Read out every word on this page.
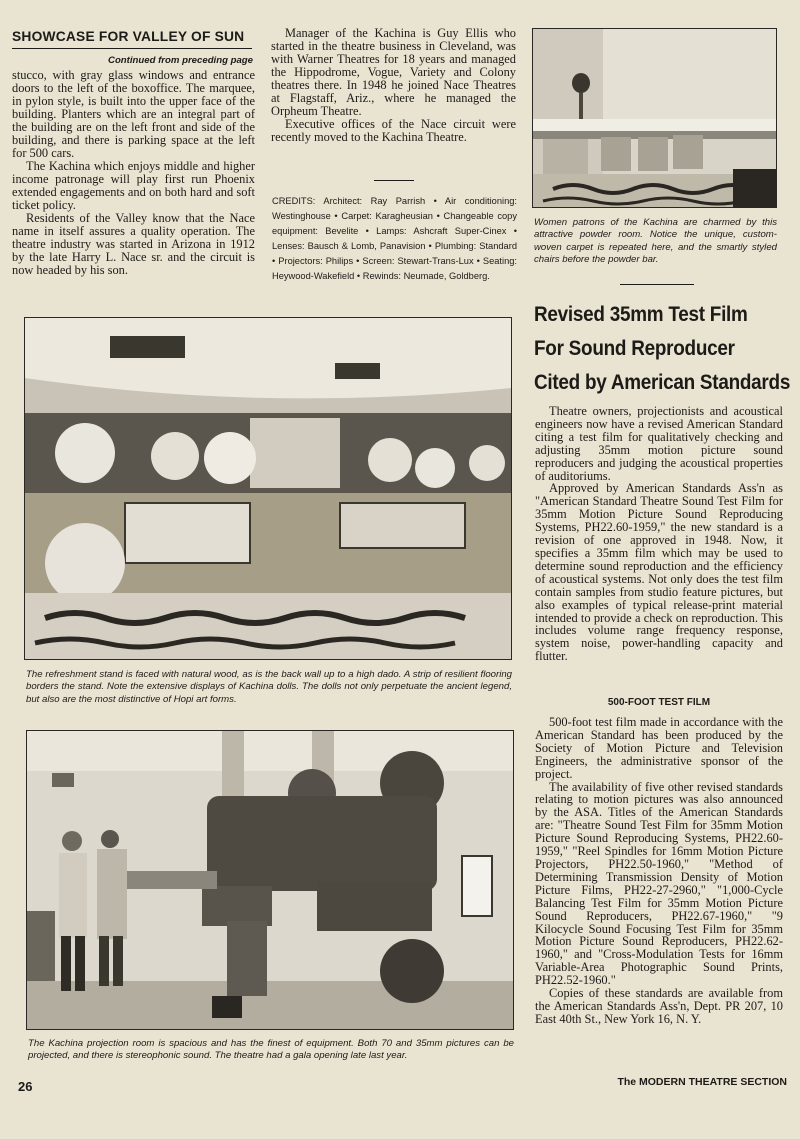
SHOWCASE FOR VALLEY OF SUN
Continued from preceding page

stucco, with gray glass windows and entrance doors to the left of the boxoffice. The marquee, in pylon style, is built into the upper face of the building. Planters which are an integral part of the building are on the left front and side of the building, and there is parking space at the left for 500 cars.

The Kachina which enjoys middle and higher income patronage will play first run Phoenix extended engagements and on both hard and soft ticket policy.

Residents of the Valley know that the Nace name in itself assures a quality operation. The theatre industry was started in Arizona in 1912 by the late Harry L. Nace sr. and the circuit is now headed by his son.

Manager of the Kachina is Guy Ellis who started in the theatre business in Cleveland, was with Warner Theatres for 18 years and managed the Hippodrome, Vogue, Variety and Colony theatres there. In 1948 he joined Nace Theatres at Flagstaff, Ariz., where he managed the Orpheum Theatre.

Executive offices of the Nace circuit were recently moved to the Kachina Theatre.

CREDITS: Architect: Ray Parrish • Air conditioning: Westinghouse • Carpet: Karagheusian • Changeable copy equipment: Bevelite • Lamps: Ashcraft Super-Cinex • Lenses: Bausch & Lomb, Panavision • Plumbing: Standard • Projectors: Philips • Screen: Stewart-Trans-Lux • Seating: Heywood-Wakefield • Rewinds: Neumade, Goldberg.
Women patrons of the Kachina are charmed by this attractive powder room. Notice the unique, custom-woven carpet is repeated here, and the smartly styled chairs before the powder bar.
The refreshment stand is faced with natural wood, as is the back wall up to a high dado. A strip of resilient flooring borders the stand. Note the extensive displays of Kachina dolls. The dolls not only perpetuate the ancient legend, but also are the most distinctive of Hopi art forms.
The Kachina projection room is spacious and has the finest of equipment. Both 70 and 35mm pictures can be projected, and there is stereophonic sound. The theatre had a gala opening late last year.
Revised 35mm Test Film
For Sound Reproducer
Cited by American Standards

Theatre owners, projectionists and acoustical engineers now have a revised American Standard citing a test film for qualitatively checking and adjusting 35mm motion picture sound reproducers and judging the acoustical properties of auditoriums.

Approved by American Standards Ass'n as "American Standard Theatre Sound Test Film for 35mm Motion Picture Sound Reproducing Systems, PH22.60-1959," the new standard is a revision of one approved in 1948. Now, it specifies a 35mm film which may be used to determine sound reproduction and the efficiency of acoustical systems. Not only does the test film contain samples from studio feature pictures, but also examples of typical release-print material intended to provide a check on reproduction. This includes volume range frequency response, system noise, power-handling capacity and flutter.

500-FOOT TEST FILM

500-foot test film made in accordance with the American Standard has been produced by the Society of Motion Picture and Television Engineers, the administrative sponsor of the project.

The availability of five other revised standards relating to motion pictures was also announced by the ASA. Titles of the American Standards are: "Theatre Sound Test Film for 35mm Motion Picture Sound Reproducing Systems, PH22.60-1959," "Reel Spindles for 16mm Motion Picture Projectors, PH22.50-1960," "Method of Determining Transmission Density of Motion Picture Films, PH22-27-2960," "1,000-Cycle Balancing Test Film for 35mm Motion Picture Sound Reproducers, PH22.67-1960," "9 Kilocycle Sound Focusing Test Film for 35mm Motion Picture Sound Reproducers, PH22.62-1960," and "Cross-Modulation Tests for 16mm Variable-Area Photographic Sound Prints, PH22.52-1960."

Copies of these standards are available from the American Standards Ass'n, Dept. PR 207, 10 East 40th St., New York 16, N. Y.

26	The MODERN THEATRE SECTION
